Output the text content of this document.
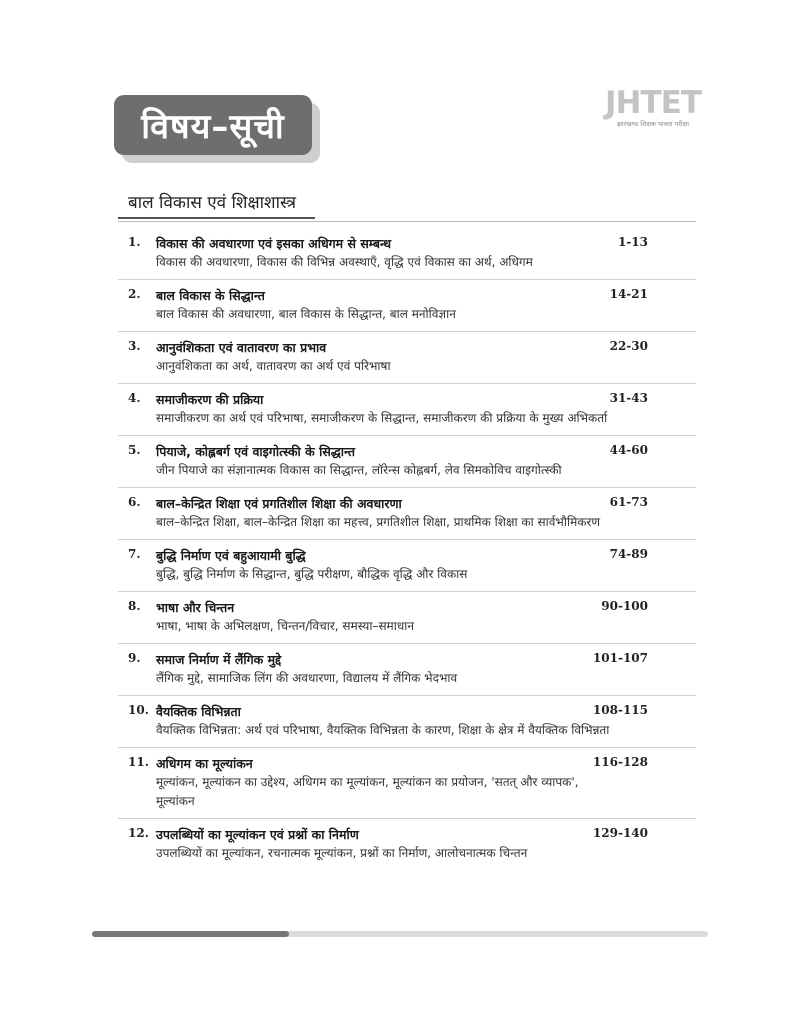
विषय–सूची
JHTET
झारखण्ड शिक्षक पात्रता परीक्षा
बाल विकास एवं शिक्षाशास्त्र
1. विकास की अवधारणा एवं इसका अधिगम से सम्बन्ध	1-13
विकास की अवधारणा, विकास की विभिन्न अवस्थाएँ, वृद्धि एवं विकास का अर्थ, अधिगम
2. बाल विकास के सिद्धान्त	14-21
बाल विकास की अवधारणा, बाल विकास के सिद्धान्त, बाल मनोविज्ञान
3. आनुवंशिकता एवं वातावरण का प्रभाव	22-30
आनुवंशिकता का अर्थ, वातावरण का अर्थ एवं परिभाषा
4. समाजीकरण की प्रक्रिया	31-43
समाजीकरण का अर्थ एवं परिभाषा, समाजीकरण के सिद्धान्त, समाजीकरण की प्रक्रिया के मुख्य अभिकर्ता
5. पियाजे, कोह्लबर्ग एवं वाइगोत्स्की के सिद्धान्त	44-60
जीन पियाजे का संज्ञानात्मक विकास का सिद्धान्त, लॉरेन्स कोह्लबर्ग, लेव सिमकोविच वाइगोत्स्की
6. बाल–केन्द्रित शिक्षा एवं प्रगतिशील शिक्षा की अवधारणा	61-73
बाल–केन्द्रित शिक्षा, बाल–केन्द्रित शिक्षा का महत्त्व, प्रगतिशील शिक्षा, प्राथमिक शिक्षा का सार्वभौमिकरण
7. बुद्धि निर्माण एवं बहुआयामी बुद्धि	74-89
बुद्धि, बुद्धि निर्माण के सिद्धान्त, बुद्धि परीक्षण, बौद्धिक वृद्धि और विकास
8. भाषा और चिन्तन	90-100
भाषा, भाषा के अभिलक्षण, चिन्तन/विचार, समस्या–समाधान
9. समाज निर्माण में लैंगिक मुद्दे	101-107
लैंगिक मुद्दे, सामाजिक लिंग की अवधारणा, विद्यालय में लैंगिक भेदभाव
10. वैयक्तिक विभिन्नता	108-115
वैयक्तिक विभिन्नता: अर्थ एवं परिभाषा, वैयक्तिक विभिन्नता के कारण, शिक्षा के क्षेत्र में वैयक्तिक विभिन्नता
11. अधिगम का मूल्यांकन	116-128
मूल्यांकन, मूल्यांकन का उद्देश्य, अधिगम का मूल्यांकन, मूल्यांकन का प्रयोजन, 'सतत् और व्यापक', मूल्यांकन
12. उपलब्धियों का मूल्यांकन एवं प्रश्नों का निर्माण	129-140
उपलब्धियों का मूल्यांकन, रचनात्मक मूल्यांकन, प्रश्नों का निर्माण, आलोचनात्मक चिन्तन
